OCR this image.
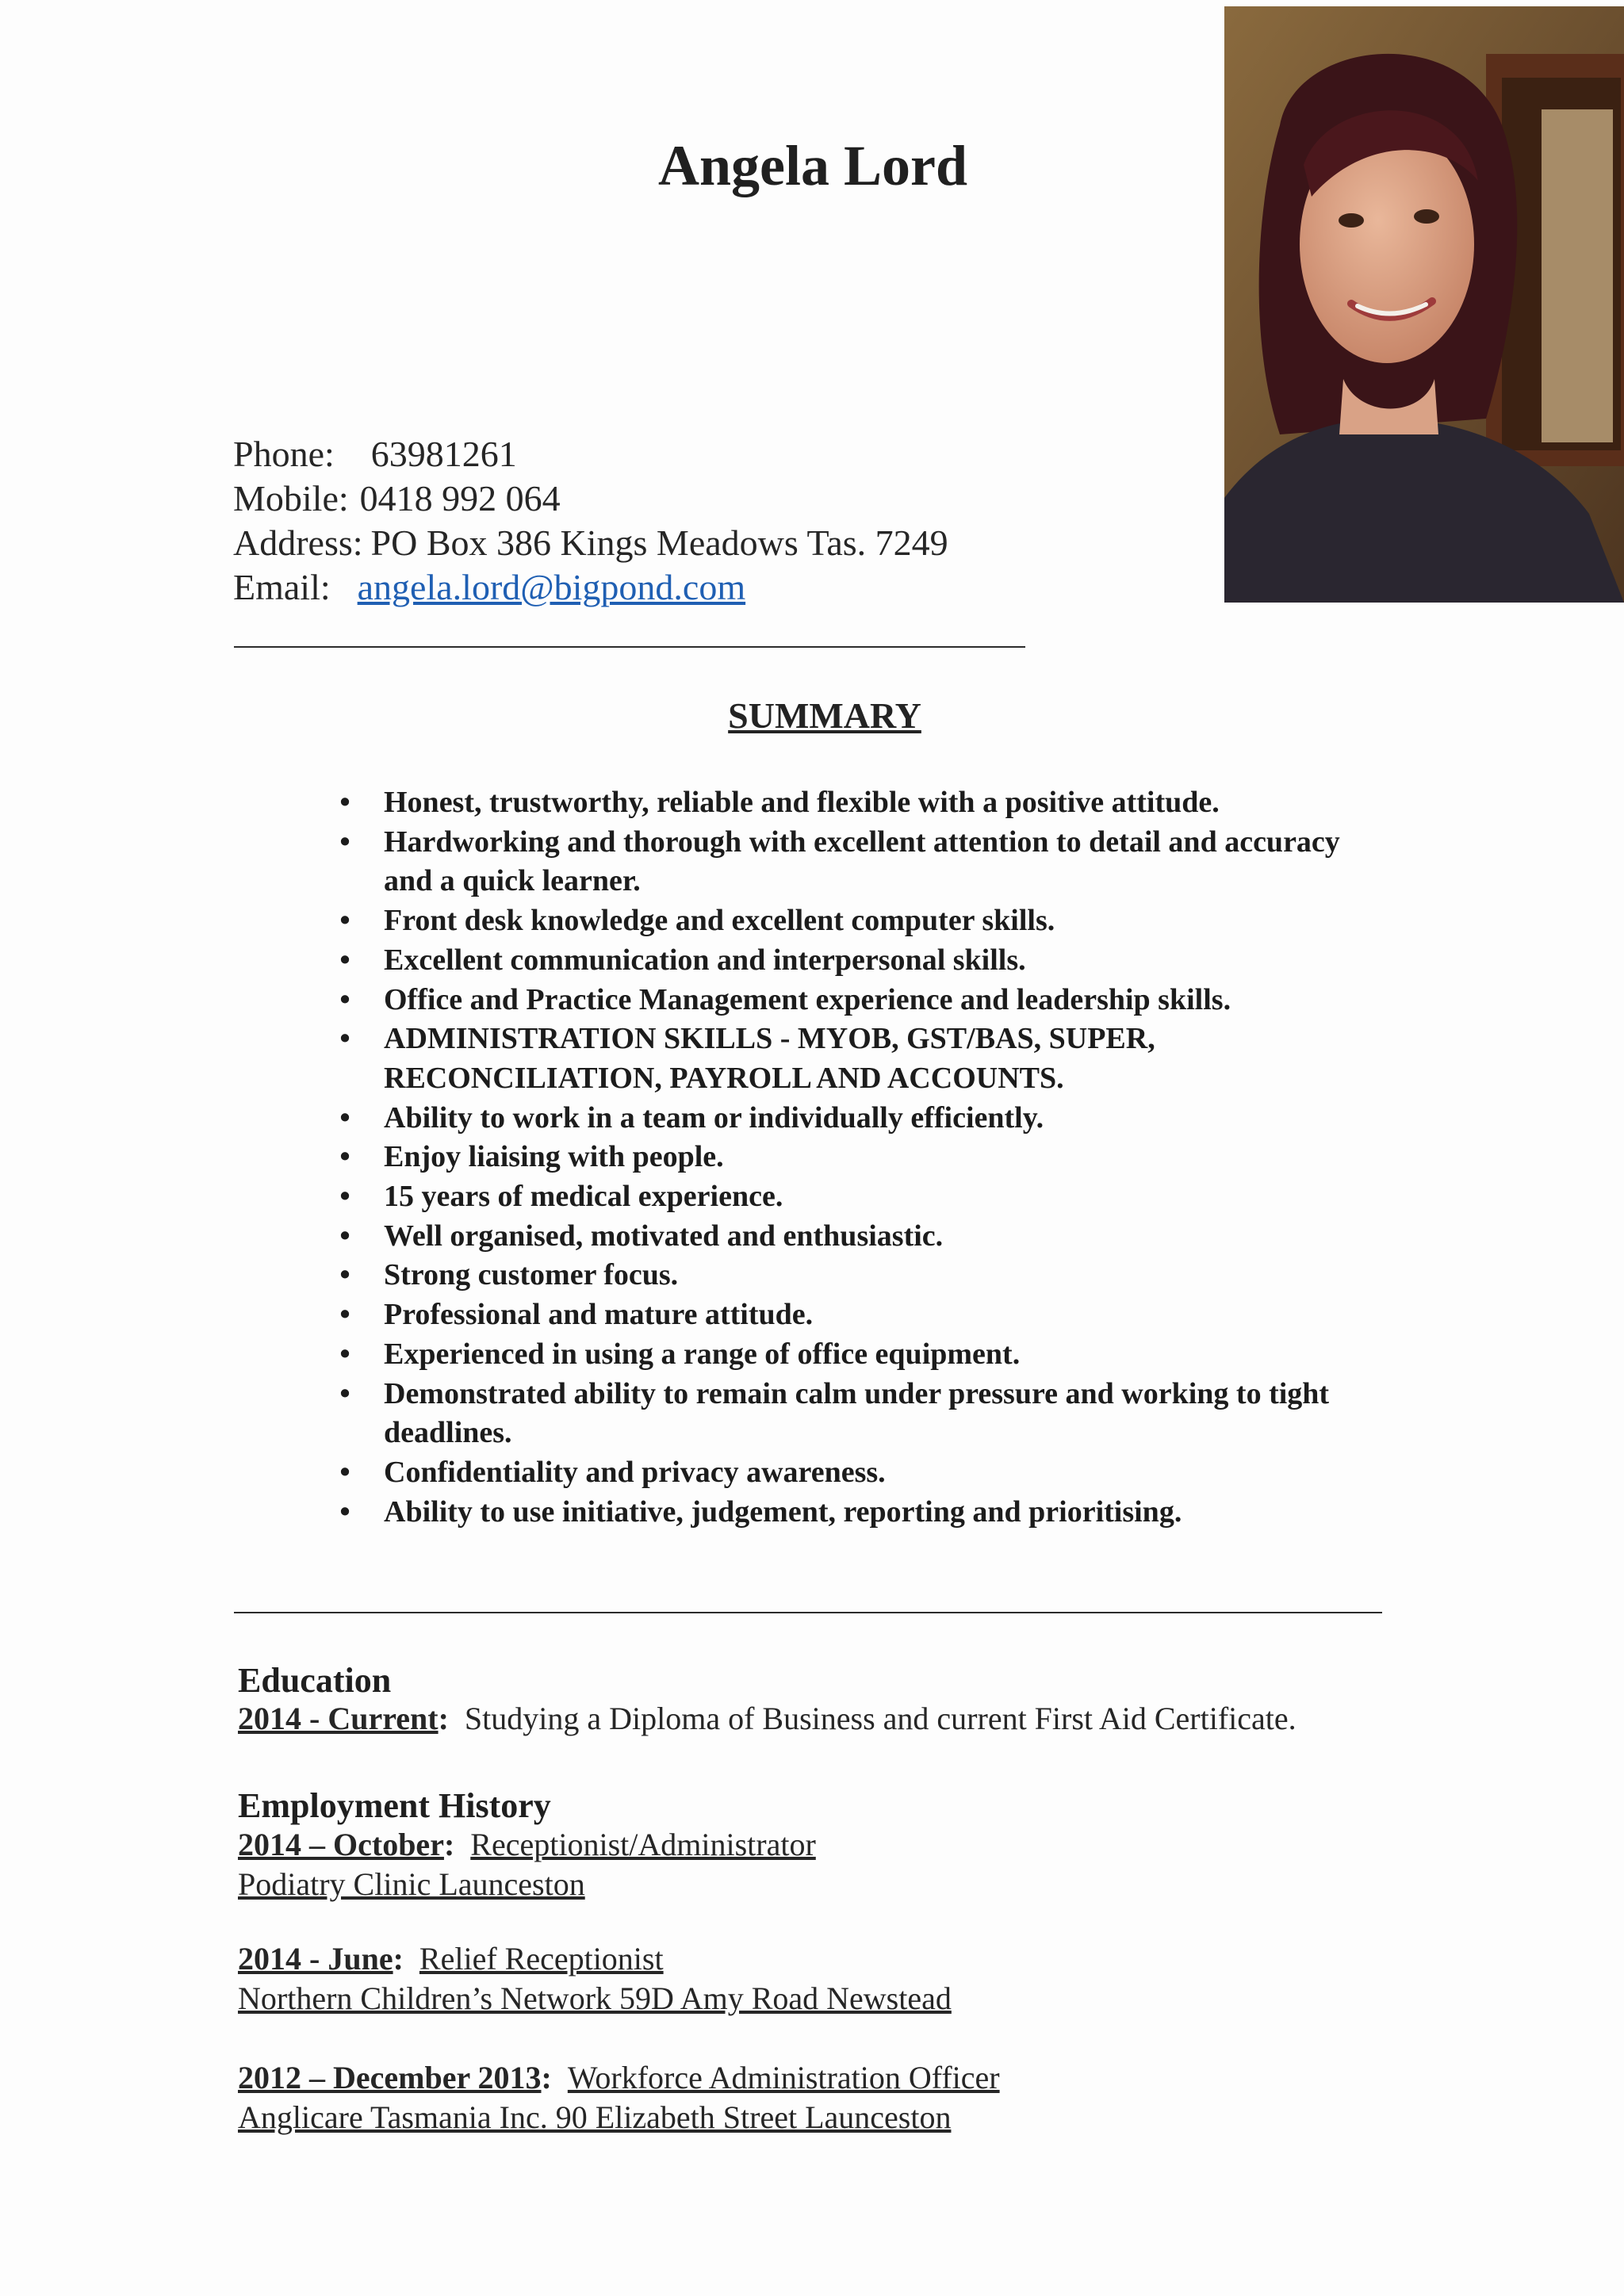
Angela Lord
Phone: 63981261
Mobile: 0418 992 064
Address: PO Box 386 Kings Meadows Tas. 7249
Email: angela.lord@bigpond.com
SUMMARY
• Honest, trustworthy, reliable and flexible with a positive attitude.
• Hardworking and thorough with excellent attention to detail and accuracy and a quick learner.
• Front desk knowledge and excellent computer skills.
• Excellent communication and interpersonal skills.
• Office and Practice Management experience and leadership skills.
• ADMINISTRATION SKILLS - MYOB, GST/BAS, SUPER, RECONCILIATION, PAYROLL AND ACCOUNTS.
• Ability to work in a team or individually efficiently.
• Enjoy liaising with people.
• 15 years of medical experience.
• Well organised, motivated and enthusiastic.
• Strong customer focus.
• Professional and mature attitude.
• Experienced in using a range of office equipment.
• Demonstrated ability to remain calm under pressure and working to tight deadlines.
• Confidentiality and privacy awareness.
• Ability to use initiative, judgement, reporting and prioritising.
Education
2014 - Current: Studying a Diploma of Business and current First Aid Certificate.
Employment History
2014 – October: Receptionist/Administrator
Podiatry Clinic Launceston
2014 - June: Relief Receptionist
Northern Children’s Network 59D Amy Road Newstead
2012 – December 2013: Workforce Administration Officer
Anglicare Tasmania Inc. 90 Elizabeth Street Launceston
